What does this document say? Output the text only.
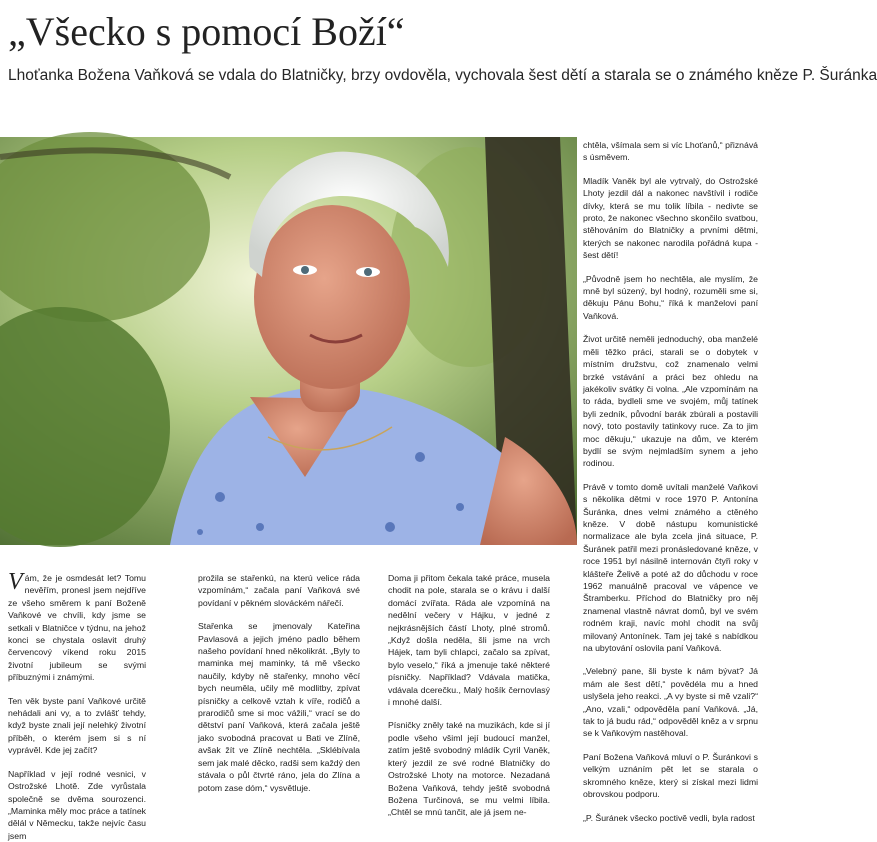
„Všecko s pomocí Boží“
Lhoťanka Božena Vaňková se vdala do Blatničky, brzy ovdověla, vychovala šest dětí a starala se o známého kněze P. Šuránka

Vám, že je osmdesát let? Tomu nevěřím, pronesl jsem nejdříve ze všeho směrem k paní Boženě Vaňkové ve chvíli, kdy jsme se setkali v Blatničce v týdnu, na jehož konci se chystala oslavit druhý červencový víkend roku 2015 životní jubileum se svými příbuznými i známými.

Ten věk byste paní Vaňkové určitě nehádali ani vy, a to zvlášť tehdy, když byste znali její nelehký životní příběh, o kterém jsem si s ní vyprávěl. Kde jej začít?

Například v její rodné vesnici, v Ostrožské Lhotě. Zde vyrůstala společně se dvěma sourozenci. „Maminka měly moc práce a tatínek dělál v Německu, takže nejvíc času jsem

prožila se stařenkú, na kterú velice ráda vzpomínám,“ začala paní Vaňková své povídaní v pěkném slováckém nářečí.

Stařenka se jmenovaly Kateřina Pavlasová a jejich jméno padlo během našeho povídaní hned několikrát. „Byly to maminka mej maminky, tá mě všecko naučily, kdyby ně stařenky, mnoho věcí bych neuměla, učily mě modlitby, zpívat písničky a celkově vztah k víře, rodičů a prarodičů sme si moc vážili,“ vrací se do dětství paní Vaňková, která začala ještě jako svobodná pracovat u Bati ve Zlíně, avšak žít ve Zlíně nechtěla. „Sklébívala sem jak malé děcko, radši sem každý den stávala o půl čtvrté ráno, jela do Zlína a potom zase dóm,“ vysvětluje.

Doma ji přitom čekala také práce, musela chodit na pole, starala se o krávu i další domácí zvířata. Ráda ale vzpomíná na nedělní večery v Hájku, v jedné z nejkrásnějších částí Lhoty, plné stromů. „Když došla neděla, šli jsme na vrch Hájek, tam byli chlapci, začalo sa zpívat, bylo veselo,“ říká a jmenuje také některé písničky. Například? Vdávala matička, vdávala dcerečku., Malý hošík černovlasý i mnohé další.

Písničky zněly také na muzikách, kde si jí podle všeho všiml její budoucí manžel, zatím ještě svobodný mládík Cyril Vaněk, který jezdil ze své rodné Blatničky do Ostrožské Lhoty na motorce. Nezadaná Božena Vaňková, tehdy ještě svobodná Božena Turčinová, se mu velmi líbila. „Chtěl se mnú tančit, ale já jsem ne-

chtěla, všímala sem si víc Lhoťanů,“ přiznává s úsměvem.

Mladík Vaněk byl ale vytrvalý, do Ostrožské Lhoty jezdil dál a nakonec navštívil i rodiče dívky, která se mu tolik líbila - nedivte se proto, že nakonec všechno skončilo svatbou, stěhováním do Blatničky a prvními dětmi, kterých se nakonec narodila pořádná kupa - šest dětí!

„Původně jsem ho nechtěla, ale myslím, že mně byl súzený, byl hodný, rozuměli sme si, děkuju Pánu Bohu,“ říká k manželovi paní Vaňková.

Život určitě neměli jednoduchý, oba manželé měli těžko práci, starali se o dobytek v místním družstvu, což znamenalo velmi brzké vstávání a práci bez ohledu na jakékoliv svátky či volna. „Ale vzpomínám na to ráda, bydleli sme ve svojém, můj tatínek byli zedník, původní barák zbúrali a postavili nový, toto postavily tatinkovy ruce. Za to jim moc děkuju,“ ukazuje na dům, ve kterém bydlí se svým nejmladším synem a jeho rodinou.

Právě v tomto domě uvítali manželé Vaňkovi s několika dětmi v roce 1970 P. Antonína Šuránka, dnes velmi známého a ctěného kněze. V době nástupu komunistické normalizace ale byla zcela jiná situace, P. Šuránek patřil mezi pronásledované kněze, v roce 1951 byl násilně internován čtyři roky v klášteře Želivě a poté až do důchodu v roce 1962 manuálně pracoval ve vápence ve Štramberku. Příchod do Blatničky pro něj znamenal vlastně návrat domů, byl ve svém rodném kraji, navíc mohl chodit na svůj milovaný Antonínek. Tam jej také s nabídkou na ubytování oslovila paní Vaňková.

„Velebný pane, šli byste k nám bývat? Já mám ale šest dětí,“ povědéla mu a hned uslyšela jeho reakci. „A vy byste si mě vzali?“ „Ano, vzali,“ odpověděla paní Vaňková. „Já, tak to já budu rád,“ odpověděl kněz a v srpnu se k Vaňkovým nastěhoval.

Paní Božena Vaňková mluví o P. Šuránkovi s velkým uznáním pět let se starala o skromného kněze, který si získal mezi lidmi obrovskou podporu.

„P. Šuránek všecko poctivě vedli, byla radost
